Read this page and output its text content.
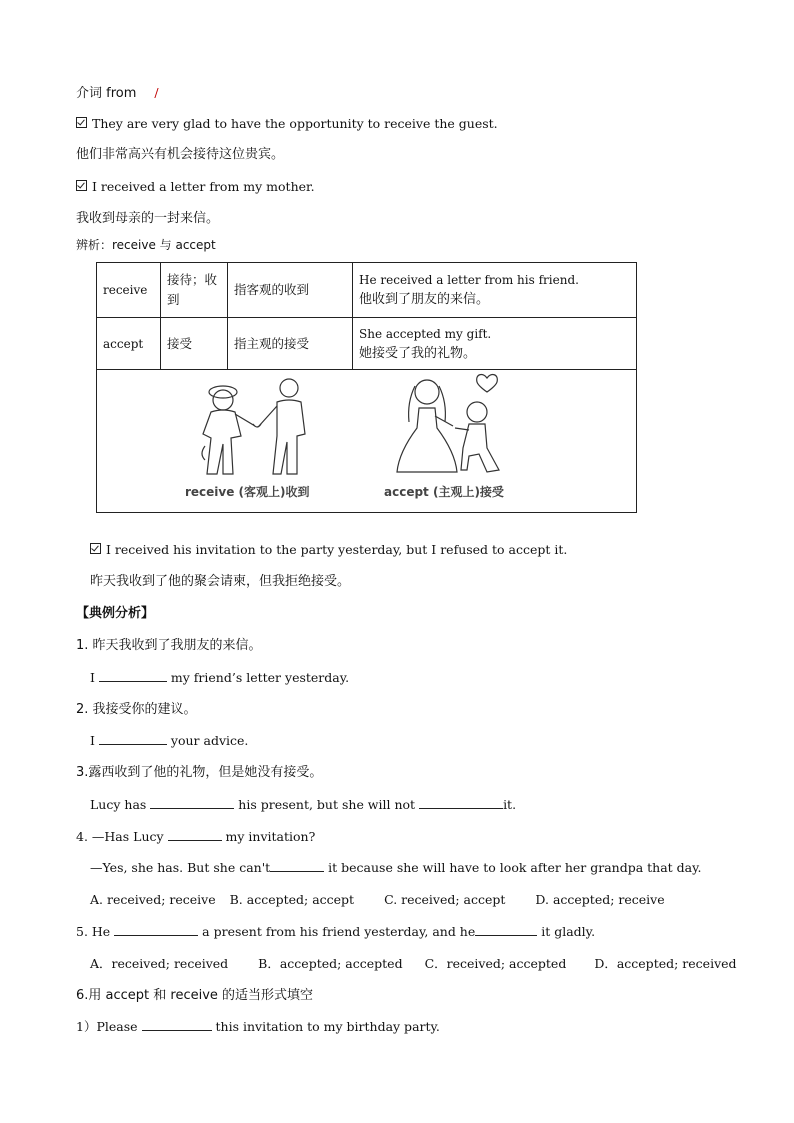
介词 from /
They are very glad to have the opportunity to receive the guest.
他们非常高兴有机会接待这位贵宾。
I received a letter from my mother.
我收到母亲的一封来信。
辨析：receive 与 accept
receive	接待；收到	指客观的收到	He received a letter from his friend.
他收到了朋友的来信。

accept	接受	指主观的接受	She accepted my gift.
她接受了我的礼物。

receive (客观上)收到 accept (主观上)接受			
I received his invitation to the party yesterday, but I refused to accept it.
昨天我收到了他的聚会请柬，但我拒绝接受。
【典例分析】
1. 昨天我收到了我朋友的来信。
I	my friend’s letter yesterday.
2. 我接受你的建议。
I	your advice.
3.露西收到了他的礼物，但是她没有接受。
Lucy has	his present, but she will not	it.
4. —Has Lucy	my invitation?
—Yes, she has. But she can't	it because she will have to look after her grandpa that day.
A. received; receive B. accepted; accept C. received; accept D. accepted; receive
5. He	a present from his friend yesterday, and he	it gladly.
A．received; received B．accepted; accepted C．received; accepted D．accepted; received
6.用 accept 和 receive 的适当形式填空
1）Please	this invitation to my birthday party.
